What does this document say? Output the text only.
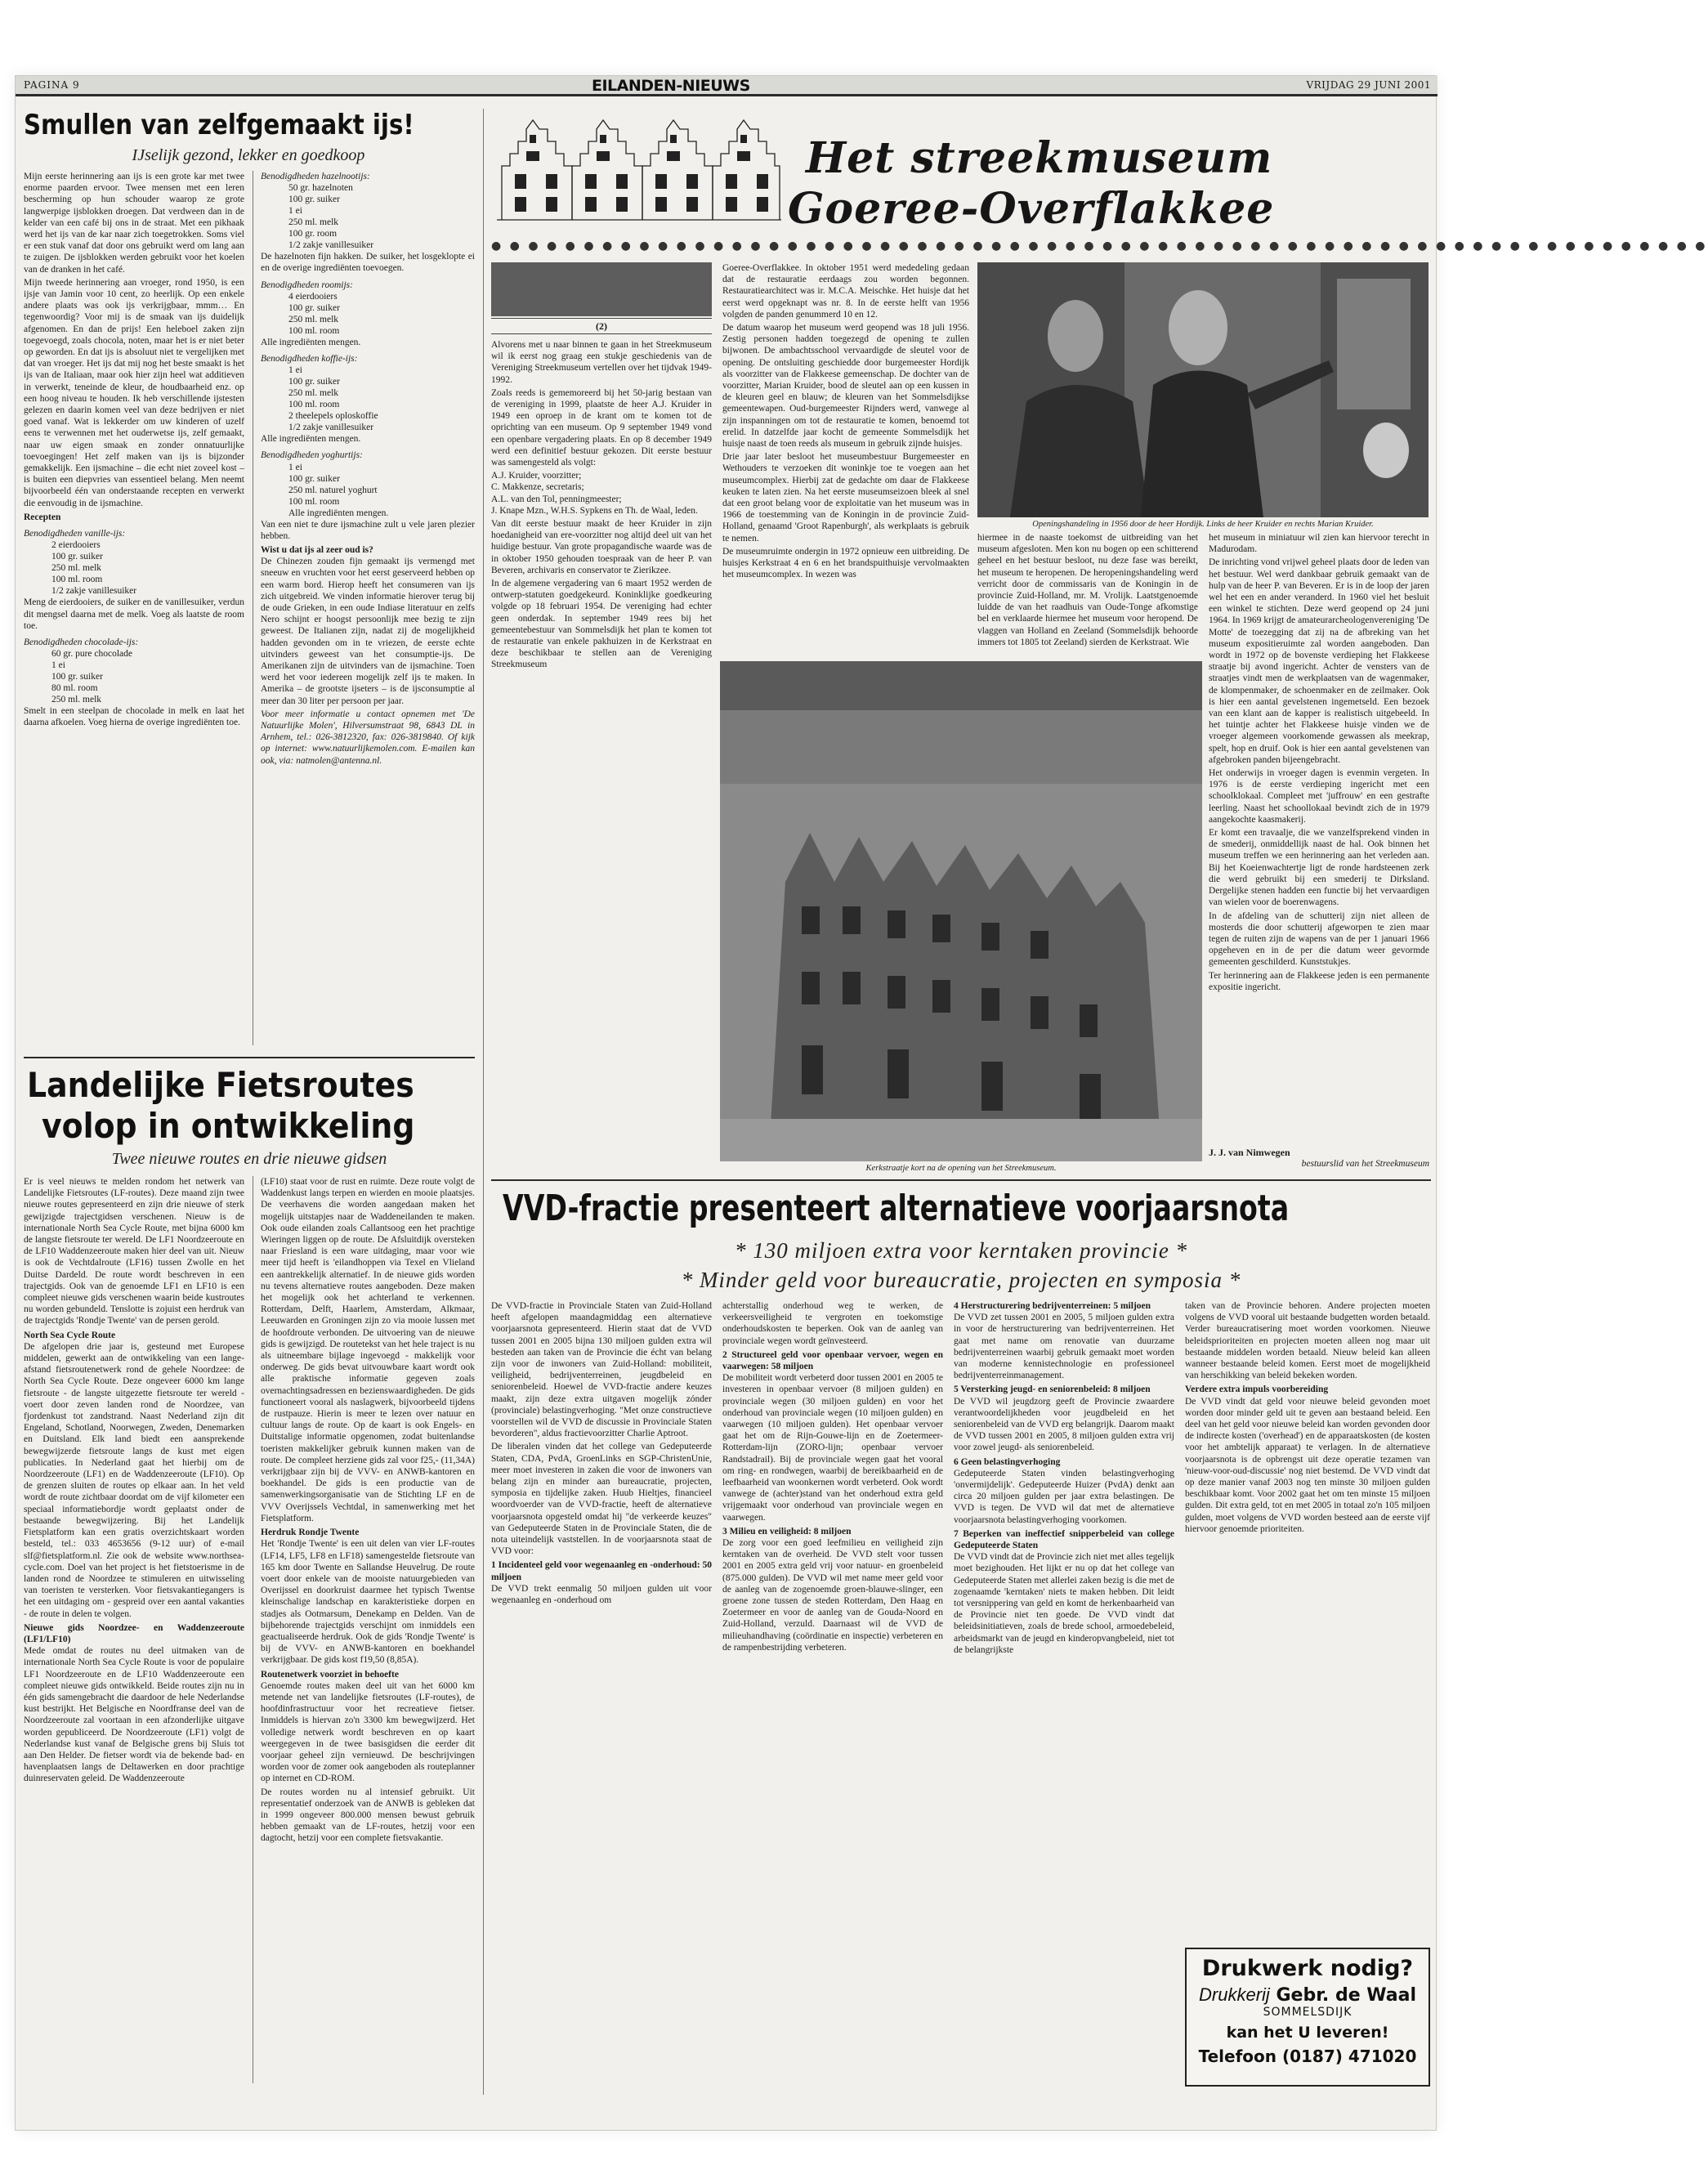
PAGINA 9	EILANDEN-NIEUWS	VRIJDAG 29 JUNI 2001
Smullen van zelfgemaakt ijs!
IJselijk gezond, lekker en goedkoop

Mijn eerste herinnering aan ijs is een grote kar met twee enorme paarden ervoor. Twee mensen met een leren bescherming op hun schouder waarop ze grote langwerpige ijsblokken droegen. Dat verdween dan in de kelder van een café bij ons in de straat. Met een pikhaak werd het ijs van de kar naar zich toegetrokken. Soms viel er een stuk vanaf dat door ons gebruikt werd om lang aan te zuigen. De ijsblokken werden gebruikt voor het koelen van de dranken in het café.

Mijn tweede herinnering aan vroeger, rond 1950, is een ijsje van Jamin voor 10 cent, zo heerlijk. Op een enkele andere plaats was ook ijs verkrijgbaar, mmm… En tegenwoordig? Voor mij is de smaak van ijs duidelijk afgenomen. En dan de prijs! Een heleboel zaken zijn toegevoegd, zoals chocola, noten, maar het is er niet beter op geworden. En dat ijs is absoluut niet te vergelijken met dat van vroeger. Het ijs dat mij nog het beste smaakt is het ijs van de Italiaan, maar ook hier zijn heel wat additieven in verwerkt, teneinde de kleur, de houdbaarheid enz. op een hoog niveau te houden. Ik heb verschillende ijstesten gelezen en daarin komen veel van deze bedrijven er niet goed vanaf. Wat is lekkerder om uw kinderen of uzelf eens te verwennen met het ouderwetse ijs, zelf gemaakt, naar uw eigen smaak en zonder onnatuurlijke toevoegingen! Het zelf maken van ijs is bijzonder gemakkelijk. Een ijsmachine – die echt niet zoveel kost – is buiten een diepvries van essentieel belang. Men neemt bijvoorbeeld één van onderstaande recepten en verwerkt die eenvoudig in de ijsmachine.

Recepten
Benodigdheden vanille-ijs:
2 eierdooiers
100 gr. suiker
250 ml. melk
100 ml. room
1/2 zakje vanillesuiker

Meng de eierdooiers, de suiker en de vanillesuiker, verdun dit mengsel daarna met de melk. Voeg als laatste de room toe.

Benodigdheden chocolade-ijs:
60 gr. pure chocolade
1 ei
100 gr. suiker
80 ml. room
250 ml. melk

Smelt in een steelpan de chocolade in melk en laat het daarna afkoelen. Voeg hierna de overige ingrediënten toe.

Benodigdheden hazelnootijs:
50 gr. hazelnoten
100 gr. suiker
1 ei
250 ml. melk
100 gr. room
1/2 zakje vanillesuiker

De hazelnoten fijn hakken. De suiker, het losgeklopte ei en de overige ingrediënten toevoegen.

Benodigdheden roomijs:
4 eierdooiers
100 gr. suiker
250 ml. melk
100 ml. room

Alle ingrediënten mengen.

Benodigdheden koffie-ijs:
1 ei
100 gr. suiker
250 ml. melk
100 ml. room
2 theelepels oploskoffie
1/2 zakje vanillesuiker

Alle ingrediënten mengen.

Benodigdheden yoghurtijs:
1 ei
100 gr. suiker
250 ml. naturel yoghurt
100 ml. room
Alle ingrediënten mengen.

Van een niet te dure ijsmachine zult u vele jaren plezier hebben.

Wist u dat ijs al zeer oud is?

De Chinezen zouden fijn gemaakt ijs vermengd met sneeuw en vruchten voor het eerst geserveerd hebben op een warm bord. Hierop heeft het consumeren van ijs zich uitgebreid. We vinden informatie hierover terug bij de oude Grieken, in een oude Indiase literatuur en zelfs Nero schijnt er hoogst persoonlijk mee bezig te zijn geweest. De Italianen zijn, nadat zij de mogelijkheid hadden gevonden om in te vriezen, de eerste echte uitvinders geweest van het consumptie-ijs. De Amerikanen zijn de uitvinders van de ijsmachine. Toen werd het voor iedereen mogelijk zelf ijs te maken. In Amerika – de grootste ijseters – is de ijsconsumptie al meer dan 30 liter per persoon per jaar.

Voor meer informatie u contact opnemen met 'De Natuurlijke Molen', Hilversumstraat 98, 6843 DL in Arnhem, tel.: 026-3812320, fax: 026-3819840. Of kijk op internet: www.natuurlijkemolen.com. E-mailen kan ook, via: natmolen@antenna.nl.

Landelijke Fietsroutes
volop in ontwikkeling
Twee nieuwe routes en drie nieuwe gidsen

Er is veel nieuws te melden rondom het netwerk van Landelijke Fietsroutes (LF-routes). Deze maand zijn twee nieuwe routes gepresenteerd en zijn drie nieuwe of sterk gewijzigde trajectgidsen verschenen. Nieuw is de internationale North Sea Cycle Route, met bijna 6000 km de langste fietsroute ter wereld. De LF1 Noordzeeroute en de LF10 Waddenzeeroute maken hier deel van uit. Nieuw is ook de Vechtdalroute (LF16) tussen Zwolle en het Duitse Dardeld. De route wordt beschreven in een trajectgids. Ook van de genoemde LF1 en LF10 is een compleet nieuwe gids verschenen waarin beide kustroutes nu worden gebundeld. Tenslotte is zojuist een herdruk van de trajectgids 'Rondje Twente' van de persen gerold.

North Sea Cycle Route

De afgelopen drie jaar is, gesteund met Europese middelen, gewerkt aan de ontwikkeling van een lange-afstand fietsroutenetwerk rond de gehele Noordzee: de North Sea Cycle Route. Deze ongeveer 6000 km lange fietsroute - de langste uitgezette fietsroute ter wereld - voert door zeven landen rond de Noordzee, van fjordenkust tot zandstrand. Naast Nederland zijn dit Engeland, Schotland, Noorwegen, Zweden, Denemarken en Duitsland. Elk land biedt een aansprekende bewegwijzerde fietsroute langs de kust met eigen publicaties. In Nederland gaat het hierbij om de Noordzeeroute (LF1) en de Waddenzeeroute (LF10). Op de grenzen sluiten de routes op elkaar aan. In het veld wordt de route zichtbaar doordat om de vijf kilometer een speciaal informatiebordje wordt geplaatst onder de bestaande bewegwijzering. Bij het Landelijk Fietsplatform kan een gratis overzichtskaart worden besteld, tel.: 033 4653656 (9-12 uur) of e-mail slf@fietsplatform.nl. Zie ook de website www.northsea-cycle.com. Doel van het project is het fietstoerisme in de landen rond de Noordzee te stimuleren en uitwisseling van toeristen te versterken. Voor fietsvakantiegangers is het een uitdaging om - gespreid over een aantal vakanties - de route in delen te volgen.

Nieuwe gids Noordzee- en Waddenzeeroute (LF1/LF10)

Mede omdat de routes nu deel uitmaken van de internationale North Sea Cycle Route is voor de populaire LF1 Noordzeeroute en de LF10 Waddenzeeroute een compleet nieuwe gids ontwikkeld. Beide routes zijn nu in één gids samengebracht die daardoor de hele Nederlandse kust bestrijkt. Het Belgische en Noordfranse deel van de Noordzeeroute zal voortaan in een afzonderlijke uitgave worden gepubliceerd. De Noordzeeroute (LF1) volgt de Nederlandse kust vanaf de Belgische grens bij Sluis tot aan Den Helder. De fietser wordt via de bekende bad- en havenplaatsen langs de Deltawerken en door prachtige duinreservaten geleid. De Waddenzeeroute

(LF10) staat voor de rust en ruimte. Deze route volgt de Waddenkust langs terpen en wierden en mooie plaatsjes. De veerhavens die worden aangedaan maken het mogelijk uitstapjes naar de Waddeneilanden te maken. Ook oude eilanden zoals Callantsoog een het prachtige Wieringen liggen op de route. De Afsluitdijk oversteken naar Friesland is een ware uitdaging, maar voor wie meer tijd heeft is 'eilandhoppen via Texel en Vlieland een aantrekkelijk alternatief. In de nieuwe gids worden nu tevens alternatieve routes aangeboden. Deze maken het mogelijk ook het achterland te verkennen. Rotterdam, Delft, Haarlem, Amsterdam, Alkmaar, Leeuwarden en Groningen zijn zo via mooie lussen met de hoofdroute verbonden. De uitvoering van de nieuwe gids is gewijzigd. De routetekst van het hele traject is nu als uitneembare bijlage ingevoegd - makkelijk voor onderweg. De gids bevat uitvouwbare kaart wordt ook alle praktische informatie gegeven zoals overnachtingsadressen en bezienswaardigheden. De gids functioneert vooral als naslagwerk, bijvoorbeeld tijdens de rustpauze. Hierin is meer te lezen over natuur en cultuur langs de route. Op de kaart is ook Engels- en Duitstalige informatie opgenomen, zodat buitenlandse toeristen makkelijker gebruik kunnen maken van de route. De compleet herziene gids zal voor f25,- (11,34A) verkrijgbaar zijn bij de VVV- en ANWB-kantoren en boekhandel. De gids is een productie van de samenwerkingsorganisatie van de Stichting LF en de VVV Overijssels Vechtdal, in samenwerking met het Fietsplatform.

Herdruk Rondje Twente

Het 'Rondje Twente' is een uit delen van vier LF-routes (LF14, LF5, LF8 en LF18) samengestelde fietsroute van 165 km door Twente en Sallandse Heuvelrug. De route voert door enkele van de mooiste natuurgebieden van Overijssel en doorkruist daarmee het typisch Twentse kleinschalige landschap en karakteristieke dorpen en stadjes als Ootmarsum, Denekamp en Delden. Van de bijbehorende trajectgids verschijnt om inmiddels een geactualiseerde herdruk. Ook de gids 'Rondje Twente' is bij de VVV- en ANWB-kantoren en boekhandel verkrijgbaar. De gids kost f19,50 (8,85A).

Routenetwerk voorziet in behoefte

Genoemde routes maken deel uit van het 6000 km metende net van landelijke fietsroutes (LF-routes), de hoofdinfrastructuur voor het recreatieve fietser. Inmiddels is hiervan zo'n 3300 km bewegwijzerd. Het volledige netwerk wordt beschreven en op kaart weergegeven in de twee basisgidsen die eerder dit voorjaar geheel zijn vernieuwd. De beschrijvingen worden voor de zomer ook aangeboden als routeplanner op internet en CD-ROM.

De routes worden nu al intensief gebruikt. Uit representatief onderzoek van de ANWB is gebleken dat in 1999 ongeveer 800.000 mensen bewust gebruik hebben gemaakt van de LF-routes, hetzij voor een dagtocht, hetzij voor een complete fietsvakantie.

Het streekmuseum
Goeree-Overflakkee
● ● ● ● ● ● ● ● ● ● ● ● ● ● ● ● ● ● ● ● ● ● ● ● ● ● ● ● ● ● ● ● ● ● ● ● ● ● ● ● ● ● ● ● ● ● ● ● ● ● ● ● ● ● ● ● ● ● ● ● ● ● ● ● ● ●
(2)

Alvorens met u naar binnen te gaan in het Streekmuseum wil ik eerst nog graag een stukje geschiedenis van de Vereniging Streekmuseum vertellen over het tijdvak 1949-1992.

Zoals reeds is gememoreerd bij het 50-jarig bestaan van de vereniging in 1999, plaatste de heer A.J. Kruider in 1949 een oproep in de krant om te komen tot de oprichting van een museum. Op 9 september 1949 vond een openbare vergadering plaats. En op 8 december 1949 werd een definitief bestuur gekozen. Dit eerste bestuur was samengesteld als volgt:

A.J. Kruider, voorzitter;
C. Makkenze, secretaris;
A.L. van den Tol, penningmeester;

J. Knape Mzn., W.H.S. Sypkens en Th. de Waal, leden.

Van dit eerste bestuur maakt de heer Kruider in zijn hoedanigheid van ere-voorzitter nog altijd deel uit van het huidige bestuur. Van grote propagandische waarde was de in oktober 1950 gehouden toespraak van de heer P. van Beveren, archivaris en conservator te Zierikzee.

In de algemene vergadering van 6 maart 1952 werden de ontwerp-statuten goedgekeurd. Koninklijke goedkeuring volgde op 18 februari 1954. De vereniging had echter geen onderdak. In september 1949 rees bij het gemeentebestuur van Sommelsdijk het plan te komen tot de restauratie van enkele pakhuizen in de Kerkstraat en deze beschikbaar te stellen aan de Vereniging Streekmuseum

Goeree-Overflakkee. In oktober 1951 werd mededeling gedaan dat de restauratie eerdaags zou worden begonnen. Restauratiearchitect was ir. M.C.A. Meischke. Het huisje dat het eerst werd opgeknapt was nr. 8. In de eerste helft van 1956 volgden de panden genummerd 10 en 12.

De datum waarop het museum werd geopend was 18 juli 1956. Zestig personen hadden toegezegd de opening te zullen bijwonen. De ambachtsschool vervaardigde de sleutel voor de opening. De ontsluiting geschiedde door burgemeester Hordijk als voorzitter van de Flakkeese gemeenschap. De dochter van de voorzitter, Marian Kruider, bood de sleutel aan op een kussen in de kleuren geel en blauw; de kleuren van het Sommelsdijkse gemeentewapen. Oud-burgemeester Rijnders werd, vanwege al zijn inspanningen om tot de restauratie te komen, benoemd tot erelid. In datzelfde jaar kocht de gemeente Sommelsdijk het huisje naast de toen reeds als museum in gebruik zijnde huisjes.

Drie jaar later besloot het museumbestuur Burgemeester en Wethouders te verzoeken dit woninkje toe te voegen aan het museumcomplex. Hierbij zat de gedachte om daar de Flakkeese keuken te laten zien. Na het eerste museumseizoen bleek al snel dat een groot belang voor de exploitatie van het museum was in 1966 de toestemming van de Koningin in de provincie Zuid-Holland, genaamd 'Groot Rapenburgh', als werkplaats is gebruik te nemen.

De museumruimte ondergin in 1972 opnieuw een uitbreiding. De huisjes Kerkstraat 4 en 6 en het brandspuithuisje vervolmaakten het museumcomplex. In wezen was

Openingshandeling in 1956 door de heer Hordijk. Links de heer Kruider en rechts Marian Kruider.

hiermee in de naaste toekomst de uitbreiding van het museum afgesloten. Men kon nu bogen op een schitterend geheel en het bestuur besloot, nu deze fase was bereikt, het museum te heropenen. De heropeningshandeling werd verricht door de commissaris van de Koningin in de provincie Zuid-Holland, mr. M. Vrolijk. Laatstgenoemde luidde de van het raadhuis van Oude-Tonge afkomstige bel en verklaarde hiermee het museum voor heropend. De vlaggen van Holland en Zeeland (Sommelsdijk behoorde immers tot 1805 tot Zeeland) sierden de Kerkstraat. Wie

het museum in miniatuur wil zien kan hiervoor terecht in Madurodam.

De inrichting vond vrijwel geheel plaats door de leden van het bestuur. Wel werd dankbaar gebruik gemaakt van de hulp van de heer P. van Beveren. Er is in de loop der jaren wel het een en ander veranderd. In 1960 viel het besluit een winkel te stichten. Deze werd geopend op 24 juni 1964. In 1969 krijgt de amateurarcheologenvereniging 'De Motte' de toezegging dat zij na de afbreking van het museum expositieruimte zal worden aangeboden. Dan wordt in 1972 op de bovenste verdieping het Flakkeese straatje bij avond ingericht. Achter de vensters van de straatjes vindt men de werkplaatsen van de wagenmaker, de klompenmaker, de schoenmaker en de zeilmaker. Ook is hier een aantal gevelstenen ingemetseld. Een bezoek van een klant aan de kapper is realistisch uitgebeeld. In het tuintje achter het Flakkeese huisje vinden we de vroeger algemeen voorkomende gewassen als meekrap, spelt, hop en druif. Ook is hier een aantal gevelstenen van afgebroken panden bijeengebracht.

Het onderwijs in vroeger dagen is evenmin vergeten. In 1976 is de eerste verdieping ingericht met een schoolklokaal. Compleet met 'juffrouw' en een gestrafte leerling. Naast het schoollokaal bevindt zich de in 1979 aangekochte kaasmakerij.

Er komt een travaalje, die we vanzelfsprekend vinden in de smederij, onmiddellijk naast de hal. Ook binnen het museum treffen we een herinnering aan het verleden aan. Bij het Koeienwachtertje ligt de ronde hardsteenen zerk die werd gebruikt bij een smederij te Dirksland. Dergelijke stenen hadden een functie bij het vervaardigen van wielen voor de boerenwagens.

In de afdeling van de schutterij zijn niet alleen de mosterds die door schutterij afgeworpen te zien maar tegen de ruiten zijn de wapens van de per 1 januari 1966 opgeheven en in de per die datum weer gevormde gemeenten geschilderd. Kunststukjes.

Ter herinnering aan de Flakkeese jeden is een permanente expositie ingericht.

J. J. van Nimwegen
bestuurslid van het Streekmuseum
Kerkstraatje kort na de opening van het Streekmuseum.
VVD-fractie presenteert alternatieve voorjaarsnota
* 130 miljoen extra voor kerntaken provincie *
* Minder geld voor bureaucratie, projecten en symposia *

De VVD-fractie in Provinciale Staten van Zuid-Holland heeft afgelopen maandagmiddag een alternatieve voorjaarsnota gepresenteerd. Hierin staat dat de VVD tussen 2001 en 2005 bijna 130 miljoen gulden extra wil besteden aan taken van de Provincie die écht van belang zijn voor de inwoners van Zuid-Holland: mobiliteit, veiligheid, bedrijventerreinen, jeugdbeleid en seniorenbeleid. Hoewel de VVD-fractie andere keuzes maakt, zijn deze extra uitgaven mogelijk zónder (provinciale) belastingverhoging. "Met onze constructieve voorstellen wil de VVD de discussie in Provinciale Staten bevorderen", aldus fractievoorzitter Charlie Aptroot.

De liberalen vinden dat het college van Gedeputeerde Staten, CDA, PvdA, GroenLinks en SGP-ChristenUnie, meer moet investeren in zaken die voor de inwoners van belang zijn en minder aan bureaucratie, projecten, symposia en tijdelijke zaken. Huub Hieltjes, financieel woordvoerder van de VVD-fractie, heeft de alternatieve voorjaarsnota opgesteld omdat hij "de verkeerde keuzes" van Gedeputeerde Staten in de Provinciale Staten, die de nota uiteindelijk vaststellen. In de voorjaarsnota staat de VVD voor:

1 Incidenteel geld voor wegenaanleg en -onderhoud: 50 miljoen

De VVD trekt eenmalig 50 miljoen gulden uit voor wegenaanleg en -onderhoud om

achterstallig onderhoud weg te werken, de verkeersveiligheid te vergroten en toekomstige onderhoudskosten te beperken. Ook van de aanleg van provinciale wegen wordt geïnvesteerd.

2 Structureel geld voor openbaar vervoer, wegen en vaarwegen: 58 miljoen

De mobiliteit wordt verbeterd door tussen 2001 en 2005 te investeren in openbaar vervoer (8 miljoen gulden) en provinciale wegen (30 miljoen gulden) en voor het onderhoud van provinciale wegen (10 miljoen gulden) en vaarwegen (10 miljoen gulden). Het openbaar vervoer gaat het om de Rijn-Gouwe-lijn en de Zoetermeer-Rotterdam-lijn (ZORO-lijn; openbaar vervoer Randstadrail). Bij de provinciale wegen gaat het vooral om ring- en rondwegen, waarbij de bereikbaarheid en de leefbaarheid van woonkernen wordt verbeterd. Ook wordt vanwege de (achter)stand van het onderhoud extra geld vrijgemaakt voor onderhoud van provinciale wegen en vaarwegen.

3 Milieu en veiligheid: 8 miljoen

De zorg voor een goed leefmilieu en veiligheid zijn kerntaken van de overheid. De VVD stelt voor tussen 2001 en 2005 extra geld vrij voor natuur- en groenbeleid (875.000 gulden). De VVD wil met name meer geld voor de aanleg van de zogenoemde groen-blauwe-slinger, een groene zone tussen de steden Rotterdam, Den Haag en Zoetermeer en voor de aanleg van de Gouda-Noord en Zuid-Holland, verzuld. Daarnaast wil de VVD de milieuhandhaving (coördinatie en inspectie) verbeteren en de rampenbestrijding verbeteren.

4 Herstructurering bedrijventerreinen: 5 miljoen

De VVD zet tussen 2001 en 2005, 5 miljoen gulden extra in voor de herstructurering van bedrijventerreinen. Het gaat met name om renovatie van duurzame bedrijventerreinen waarbij gebruik gemaakt moet worden van moderne kennistechnologie en professioneel bedrijventerreinmanagement.

5 Versterking jeugd- en seniorenbeleid: 8 miljoen

De VVD wil jeugdzorg geeft de Provincie zwaardere verantwoordelijkheden voor jeugdbeleid en het seniorenbeleid van de VVD erg belangrijk. Daarom maakt de VVD tussen 2001 en 2005, 8 miljoen gulden extra vrij voor zowel jeugd- als seniorenbeleid.

6 Geen belastingverhoging

Gedeputeerde Staten vinden belastingverhoging 'onvermijdelijk'. Gedeputeerde Huizer (PvdA) denkt aan circa 20 miljoen gulden per jaar extra belastingen. De VVD is tegen. De VVD wil dat met de alternatieve voorjaarsnota belastingverhoging voorkomen.

7 Beperken van ineffectief snipperbeleid van college Gedeputeerde Staten

De VVD vindt dat de Provincie zich niet met alles tegelijk moet bezighouden. Het lijkt er nu op dat het college van Gedeputeerde Staten met allerlei zaken bezig is die met de zogenaamde 'kerntaken' niets te maken hebben. Dit leidt tot versnippering van geld en komt de herkenbaarheid van de Provincie niet ten goede. De VVD vindt dat beleidsinitiatieven, zoals de brede school, armoedebeleid, arbeidsmarkt van de jeugd en kinderopvangbeleid, niet tot de belangrijkste

taken van de Provincie behoren. Andere projecten moeten volgens de VVD vooral uit bestaande budgetten worden betaald. Verder bureaucratisering moet worden voorkomen. Nieuwe beleidsprioriteiten en projecten moeten alleen nog maar uit bestaande middelen worden betaald. Nieuw beleid kan alleen wanneer bestaande beleid komen. Eerst moet de mogelijkheid van herschikking van beleid bekeken worden.

Verdere extra impuls voorbereiding

De VVD vindt dat geld voor nieuwe beleid gevonden moet worden door minder geld uit te geven aan bestaand beleid. Een deel van het geld voor nieuwe beleid kan worden gevonden door de indirecte kosten ('overhead') en de apparaatskosten (de kosten voor het ambtelijk apparaat) te verlagen. In de alternatieve voorjaarsnota is de opbrengst uit deze operatie tezamen van 'nieuw-voor-oud-discussie' nog niet bestemd. De VVD vindt dat op deze manier vanaf 2003 nog ten minste 30 miljoen gulden beschikbaar komt. Voor 2002 gaat het om ten minste 15 miljoen gulden. Dit extra geld, tot en met 2005 in totaal zo'n 105 miljoen gulden, moet volgens de VVD worden besteed aan de eerste vijf hiervoor genoemde prioriteiten.

Drukwerk nodig?
Drukkerij Gebr. de Waal
SOMMELSDIJK
kan het U leveren!
Telefoon (0187) 471020
